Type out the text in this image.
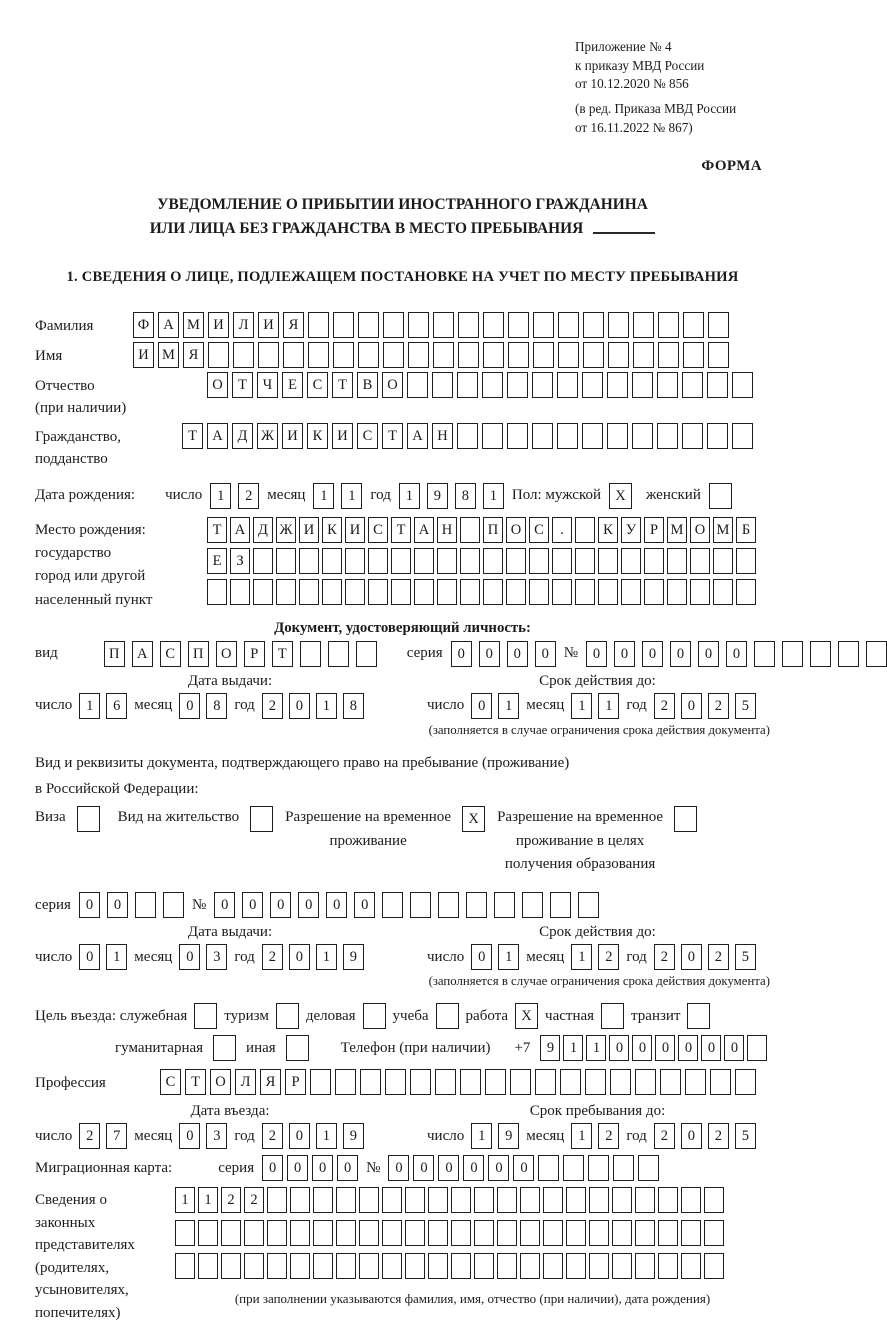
Приложение № 4
к приказу МВД России
от 10.12.2020 № 856
(в ред. Приказа МВД России
от 16.11.2022 № 867)
ФОРМА
УВЕДОМЛЕНИЕ О ПРИБЫТИИ ИНОСТРАННОГО ГРАЖДАНИНА
ИЛИ ЛИЦА БЕЗ ГРАЖДАНСТВА В МЕСТО ПРЕБЫВАНИЯ
1. СВЕДЕНИЯ О ЛИЦЕ, ПОДЛЕЖАЩЕМ ПОСТАНОВКЕ НА УЧЕТ ПО МЕСТУ ПРЕБЫВАНИЯ
Фамилия	Ф А М И	Л	И	Я
Имя	И М Я
Отчество
(при наличии)
О	Т	Ч	Е	С	Т	В	О
Гражданство,
подданство
Т	А	Д Ж И	К	И	С	Т	А	Н
Дата рождения: число	1	2 месяц	1	1 год	1	9	8	1 Пол: мужской X	женский
Место рождения:
государство
город или другой
населенный пункт
Т А Д Ж И К И С Т А Н	П О С	.	К У Р М О М Б
Е	З
Документ, удостоверяющий личность:
вид	П	А	С	П	О	Р	Т	серия	0	0	0	0 №	0	0	0	0	0	0
Дата выдачи:	Срок действия до:
число 1	6 месяц 0	8 год 2	0	1	8	число 0	1 месяц 1	1 год 2	0	2	5
(заполняется в случае ограничения срока действия документа)
Вид и реквизиты документа, подтверждающего право на пребывание (проживание)
в Российской Федерации:
Виза	Вид на жительство	Разрешение на временное
проживание
X	Разрешение на временное
проживание в целях
получения образования
серия	0	0	№	0	0	0	0	0	0
Дата выдачи:	Срок действия до:
число 0	1 месяц 0	3 год 2	0	1	9	число 0	1 месяц 1	2 год 2	0	2	5
(заполняется в случае ограничения срока действия документа)
Цель въезда: служебная туризм деловая учеба работа X частная транзит
гуманитарная	иная	Телефон (при наличии) +7	9	1	1	0	0	0	0	0	0
Профессия	С	Т	О	Л	Я	Р
Дата въезда:	Срок пребывания до:
число 2	7 месяц 0	3 год 2	0	1	9	число 1	9 месяц 1	2 год 2	0	2	5
Миграционная карта:	серия	0	0	0	0 №	0	0	0	0	0	0
Сведения о
законных
представителях
(родителях,
усыновителях,
попечителях)
1	1	2	2
(при заполнении указываются фамилия, имя, отчество (при наличии), дата рождения)
